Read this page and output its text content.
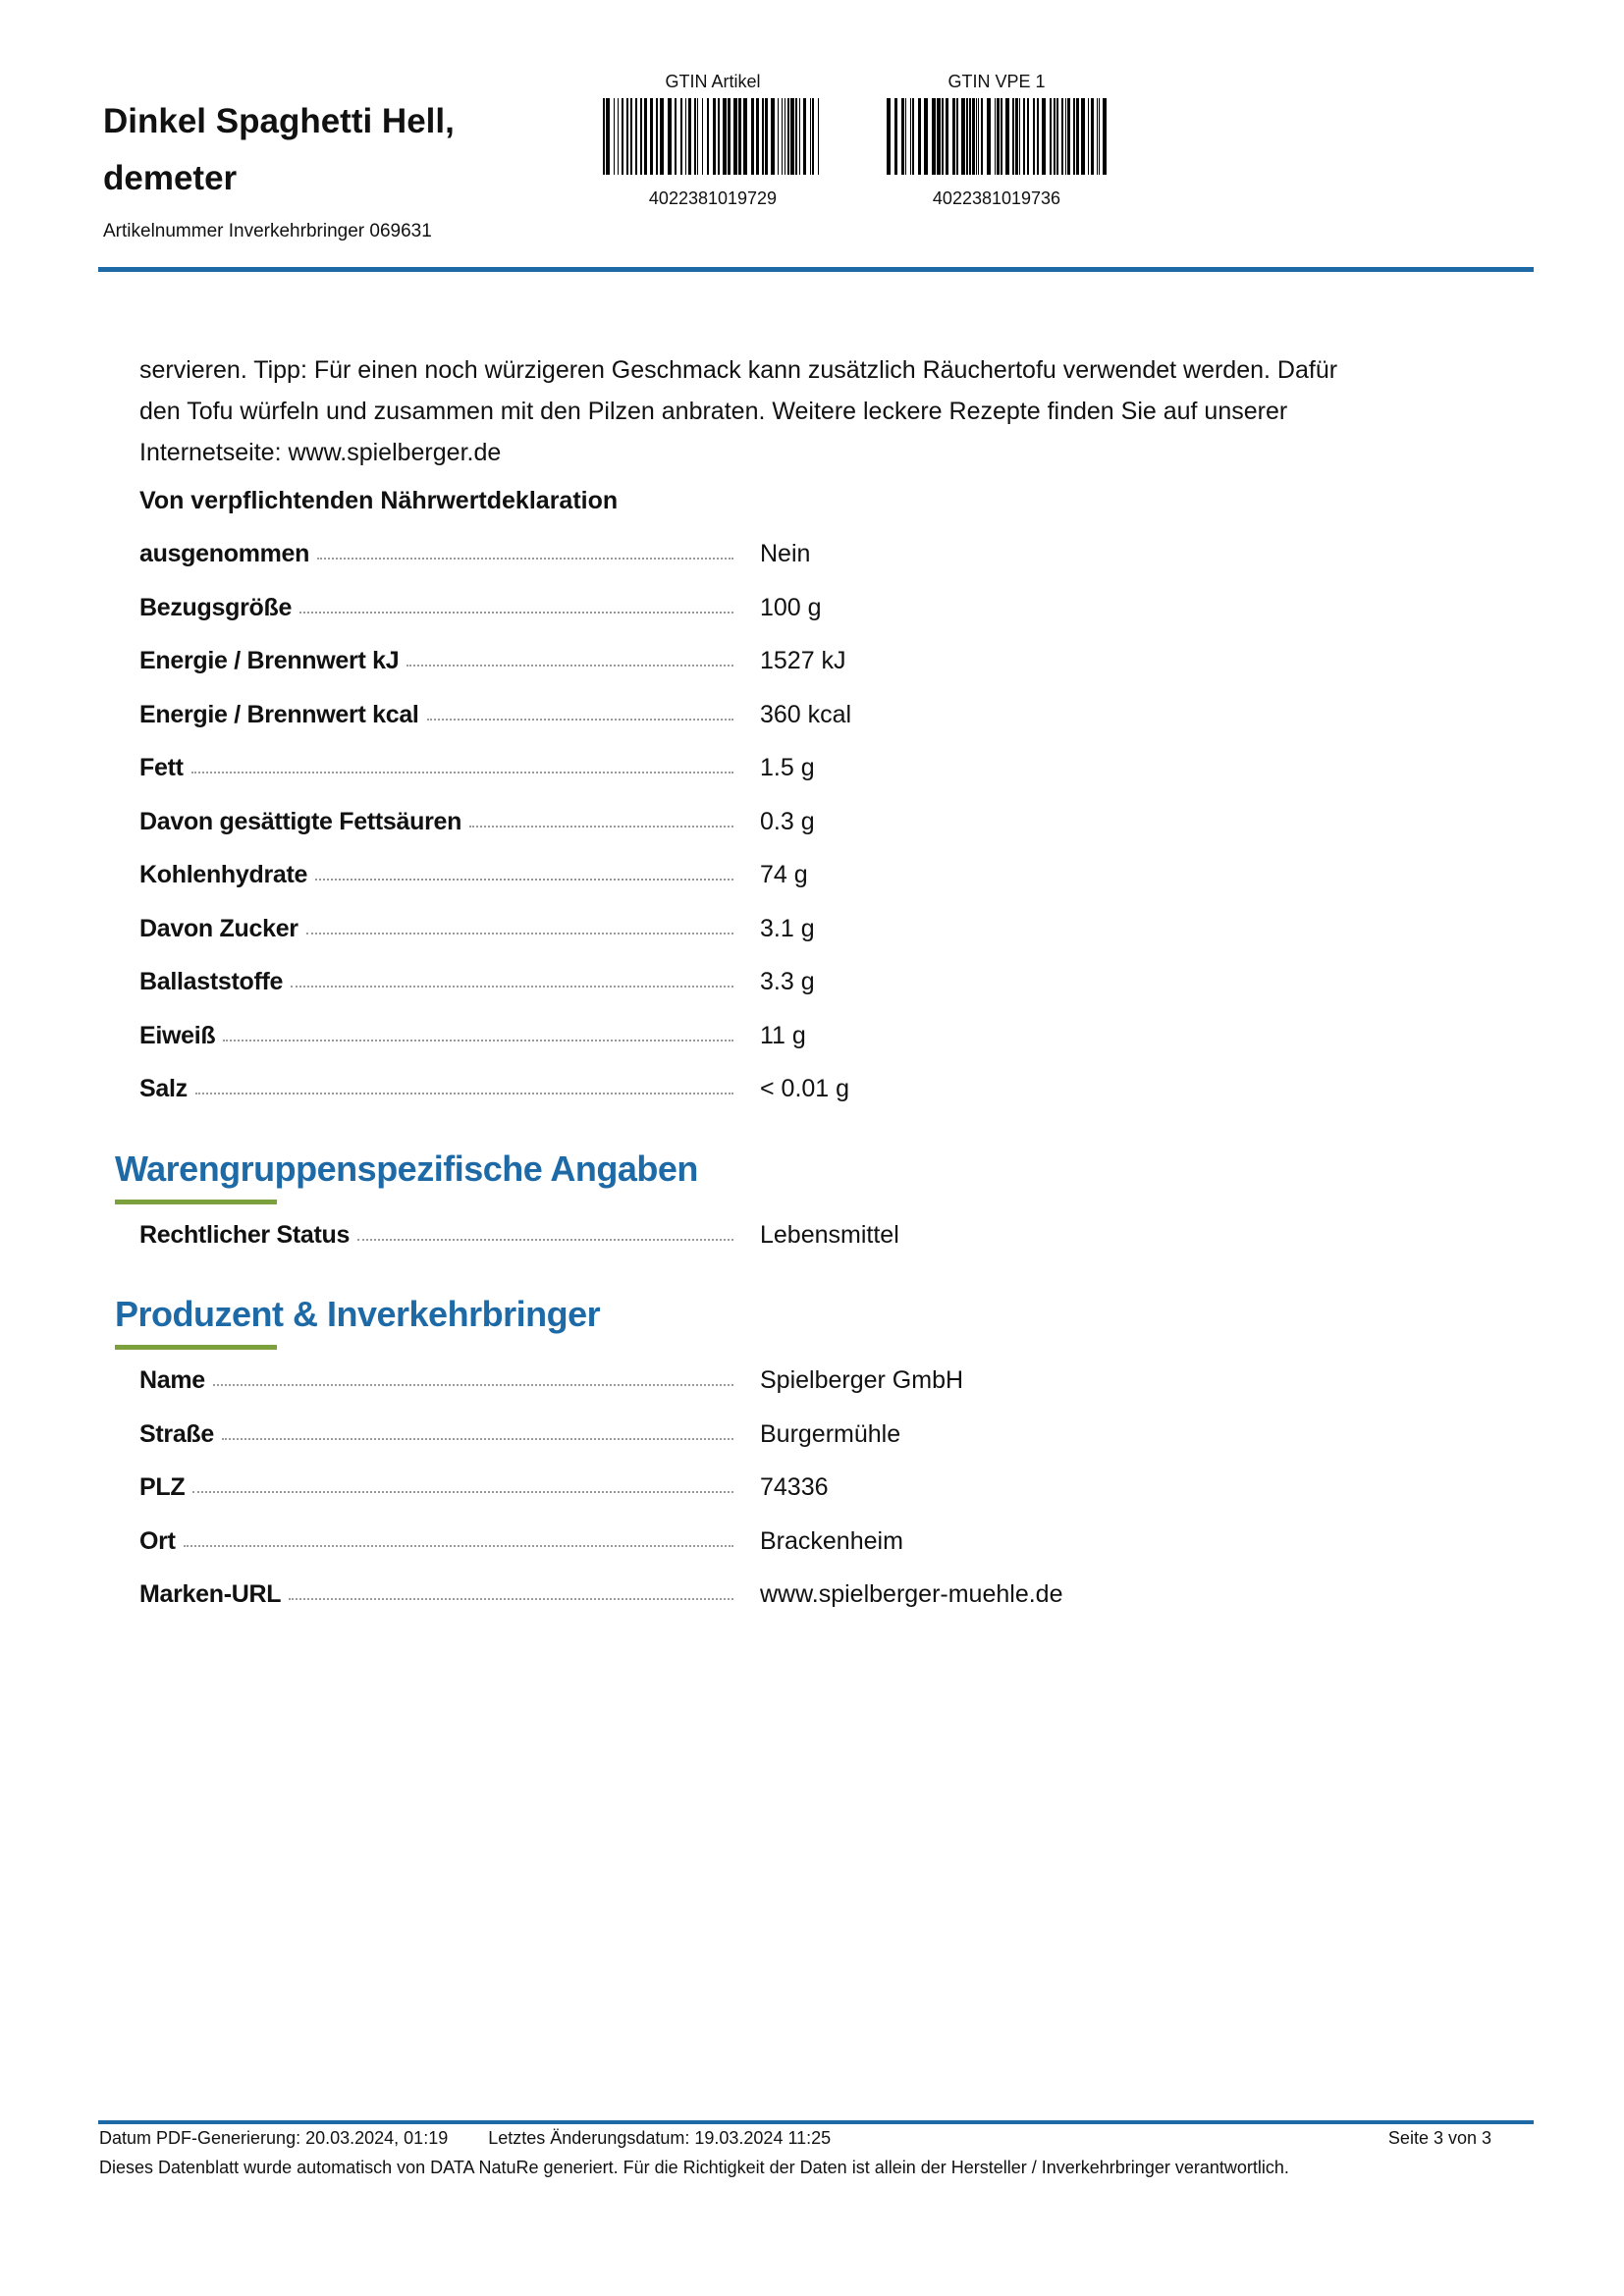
Dinkel Spaghetti Hell,
demeter
Artikelnummer Inverkehrbringer 069631
GTIN Artikel
4022381019729
GTIN VPE 1
4022381019736
servieren. Tipp: Für einen noch würzigeren Geschmack kann zusätzlich Räuchertofu verwendet werden. Dafür
den Tofu würfeln und zusammen mit den Pilzen anbraten. Weitere leckere Rezepte finden Sie auf unserer
Internetseite: www.spielberger.de
Von verpflichtenden Nährwertdeklaration
ausgenommen	Nein
Bezugsgröße	100 g
Energie / Brennwert kJ	1527 kJ
Energie / Brennwert kcal	360 kcal
Fett	1.5 g
Davon gesättigte Fettsäuren	0.3 g
Kohlenhydrate	74 g
Davon Zucker	3.1 g
Ballaststoffe	3.3 g
Eiweiß	11 g
Salz	< 0.01 g
Warengruppenspezifische Angaben
Rechtlicher Status	Lebensmittel
Produzent & Inverkehrbringer
Name	Spielberger GmbH
Straße	Burgermühle
PLZ	74336
Ort	Brackenheim
Marken-URL	www.spielberger-muehle.de
Datum PDF-Generierung: 20.03.2024, 01:19 Letztes Änderungsdatum: 19.03.2024 11:25	Seite 3 von 3
Dieses Datenblatt wurde automatisch von DATA NatuRe generiert. Für die Richtigkeit der Daten ist allein der Hersteller / Inverkehrbringer verantwortlich.
